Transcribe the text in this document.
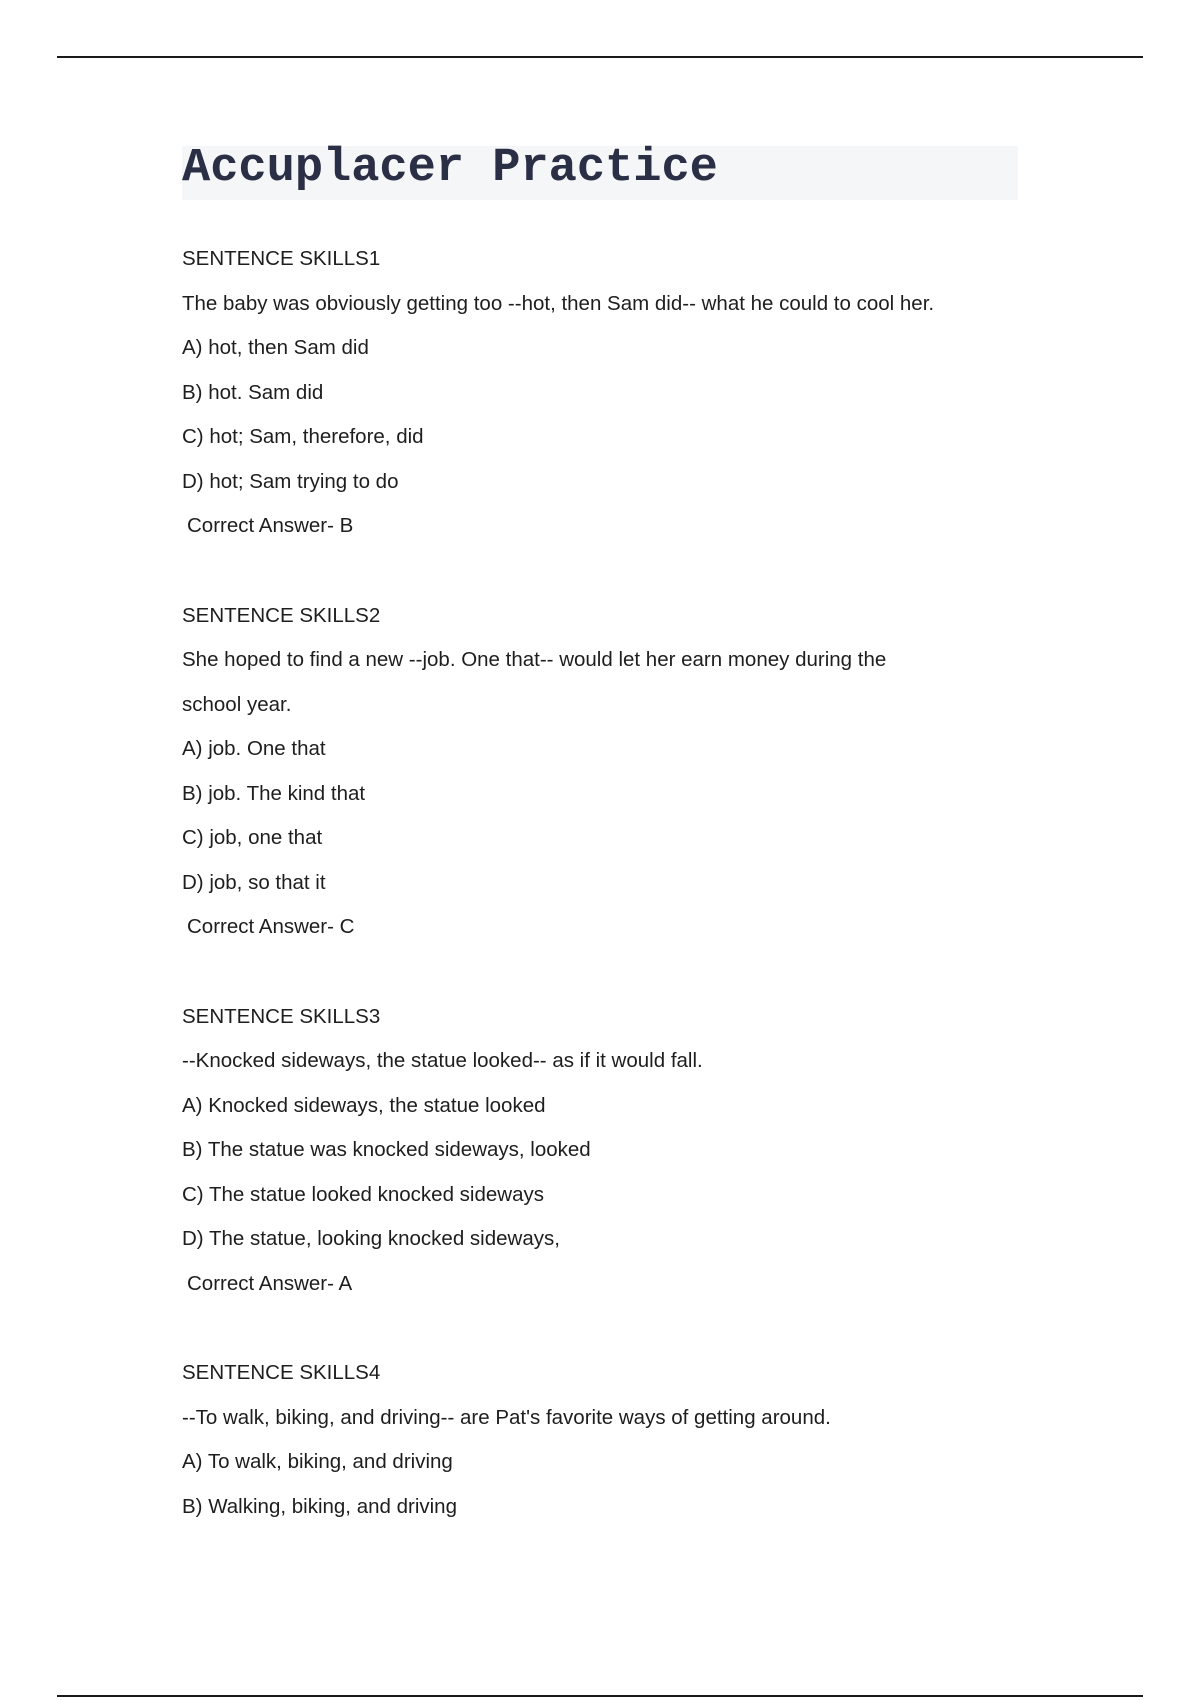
Accuplacer Practice
SENTENCE SKILLS1
The baby was obviously getting too --hot, then Sam did-- what he could to cool her.
A) hot, then Sam did
B) hot. Sam did
C) hot; Sam, therefore, did
D) hot; Sam trying to do
Correct Answer- B
SENTENCE SKILLS2
She hoped to find a new --job. One that-- would let her earn money during the
school year.
A) job. One that
B) job. The kind that
C) job, one that
D) job, so that it
Correct Answer- C
SENTENCE SKILLS3
--Knocked sideways, the statue looked-- as if it would fall.
A) Knocked sideways, the statue looked
B) The statue was knocked sideways, looked
C) The statue looked knocked sideways
D) The statue, looking knocked sideways,
Correct Answer- A
SENTENCE SKILLS4
--To walk, biking, and driving-- are Pat's favorite ways of getting around.
A) To walk, biking, and driving
B) Walking, biking, and driving
